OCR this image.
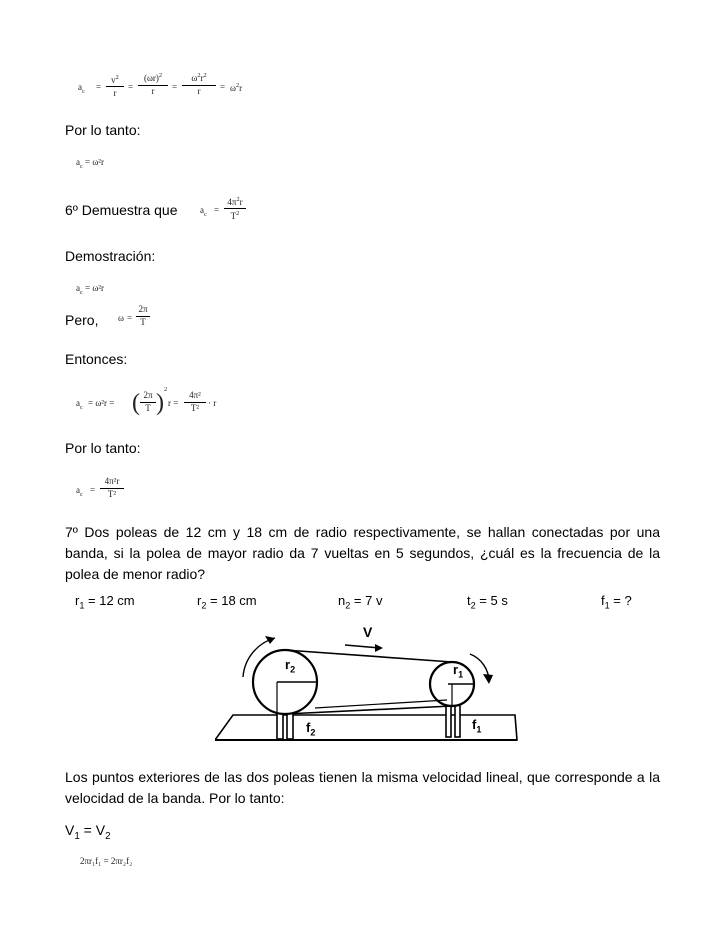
$a_c$ =
$v^2$
r
=
$(\omega r)^2$
r	=
$\omega^2r^2$
r	= $\omega^2r$
Por lo tanto:
$a_c = \omega^2r$
6º Demuestra que $a_c$ =
$4\pi^2r$
$T^2$
Demostración:
$a_c = \omega^2r$
Pero, ω =
2π
T
Entonces:
$a_c = \omega^2r$ = ( 2π
T )
2
r =
4π²
T² · r
Por lo tanto:
$a_c$ =
4π²r
T²
7º Dos poleas de 12 cm y 18 cm de radio respectivamente, se hallan conectadas por una banda, si la polea de mayor radio da 7 vueltas en 5 segundos, ¿cuál es la frecuencia de la polea de menor radio?
$r_1 = 12$ cm	$r_2 = 18$ cm	$n_2 = 7$ v	$t_2 = 5$ s	$f_1$ = ?
V
$r_2$	$r_1$
$f_2$
$f_1$
Los puntos exteriores de las dos poleas tienen la misma velocidad lineal, que corresponde a la velocidad de la banda. Por lo tanto:
$V_1 = V_2$
2πr₁f₁ = 2πr₂f₂
